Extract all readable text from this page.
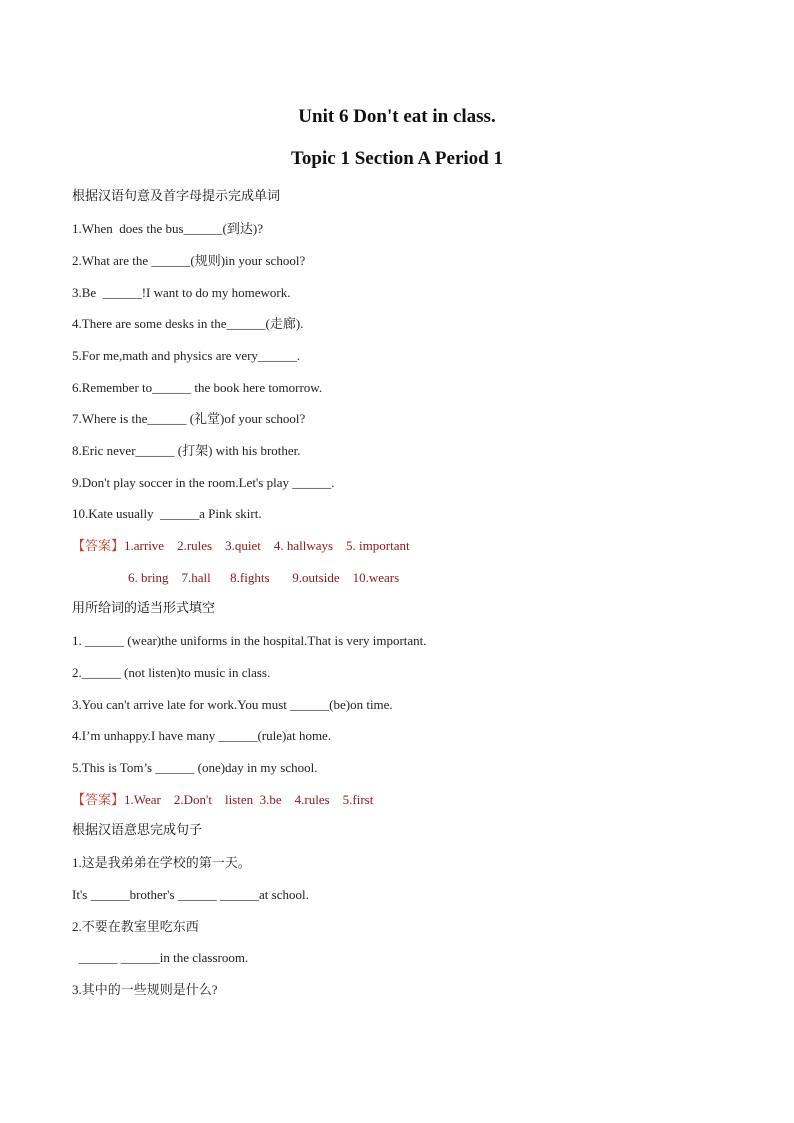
Unit 6 Don't eat in class.
Topic 1 Section A Period 1
根据汉语句意及首字母提示完成单词
1.When  does the bus______(到达)?
2.What are the ______(规则)in your school?
3.Be  ______!I want to do my homework.
4.There are some desks in the______(走廊).
5.For me,math and physics are very______.
6.Remember to______ the book here tomorrow.
7.Where is the______ (礼堂)of your school?
8.Eric never______ (打架) with his brother.
9.Don't play soccer in the room.Let's play ______.
10.Kate usually  ______a Pink skirt.
【答案】1.arrive    2.rules    3.quiet    4. hallways    5. important
6. bring    7.hall      8.fights       9.outside    10.wears
用所给词的适当形式填空
1. ______ (wear)the uniforms in the hospital.That is very important.
2.______ (not listen)to music in class.
3.You can't arrive late for work.You must ______(be)on time.
4.I’m unhappy.I have many ______(rule)at home.
5.This is Tom’s ______ (one)day in my school.
【答案】1.Wear    2.Don't    listen  3.be    4.rules    5.first
根据汉语意思完成句子
1.这是我弟弟在学校的第一天。
It's ______brother's ______ ______at school.
2.不要在教室里吃东西
______ ______in the classroom.
3.其中的一些规则是什么?
